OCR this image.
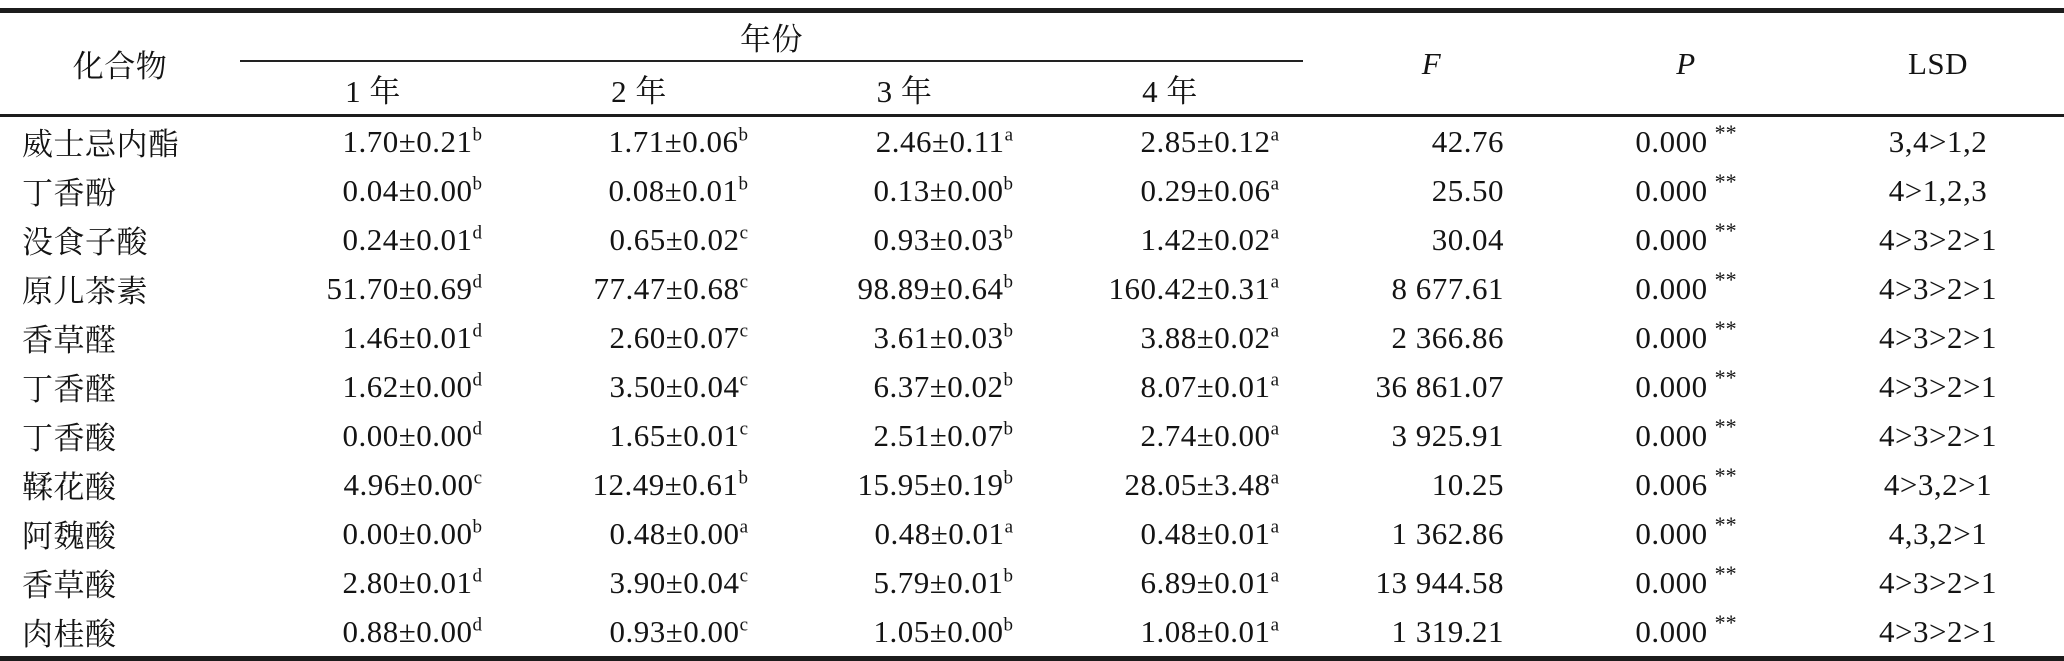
化合物	年份				F	P	LSD
	1 年	2 年	3 年	4 年			
威士忌内酯	1.70±0.21$^b$	1.71±0.06$^b$	2.46±0.11$^a$	2.85±0.12$^a$	42.76	0.000 **	3,4>1,2
丁香酚	0.04±0.00$^b$	0.08±0.01$^b$	0.13±0.00$^b$	0.29±0.06$^a$	25.50	0.000 **	4>1,2,3
没食子酸	0.24±0.01$^d$	0.65±0.02$^c$	0.93±0.03$^b$	1.42±0.02$^a$	30.04	0.000 **	4>3>2>1
原儿茶素	51.70±0.69$^d$	77.47±0.68$^c$	98.89±0.64$^b$	160.42±0.31$^a$	8 677.61	0.000 **	4>3>2>1
香草醛	1.46±0.01$^d$	2.60±0.07$^c$	3.61±0.03$^b$	3.88±0.02$^a$	2 366.86	0.000 **	4>3>2>1
丁香醛	1.62±0.00$^d$	3.50±0.04$^c$	6.37±0.02$^b$	8.07±0.01$^a$	36 861.07	0.000 **	4>3>2>1
丁香酸	0.00±0.00$^d$	1.65±0.01$^c$	2.51±0.07$^b$	2.74±0.00$^a$	3 925.91	0.000 **	4>3>2>1
鞣花酸	4.96±0.00$^c$	12.49±0.61$^b$	15.95±0.19$^b$	28.05±3.48$^a$	10.25	0.006 **	4>3,2>1
阿魏酸	0.00±0.00$^b$	0.48±0.00$^a$	0.48±0.01$^a$	0.48±0.01$^a$	1 362.86	0.000 **	4,3,2>1
香草酸	2.80±0.01$^d$	3.90±0.04$^c$	5.79±0.01$^b$	6.89±0.01$^a$	13 944.58	0.000 **	4>3>2>1
肉桂酸	0.88±0.00$^d$	0.93±0.00$^c$	1.05±0.00$^b$	1.08±0.01$^a$	1 319.21	0.000 **	4>3>2>1
